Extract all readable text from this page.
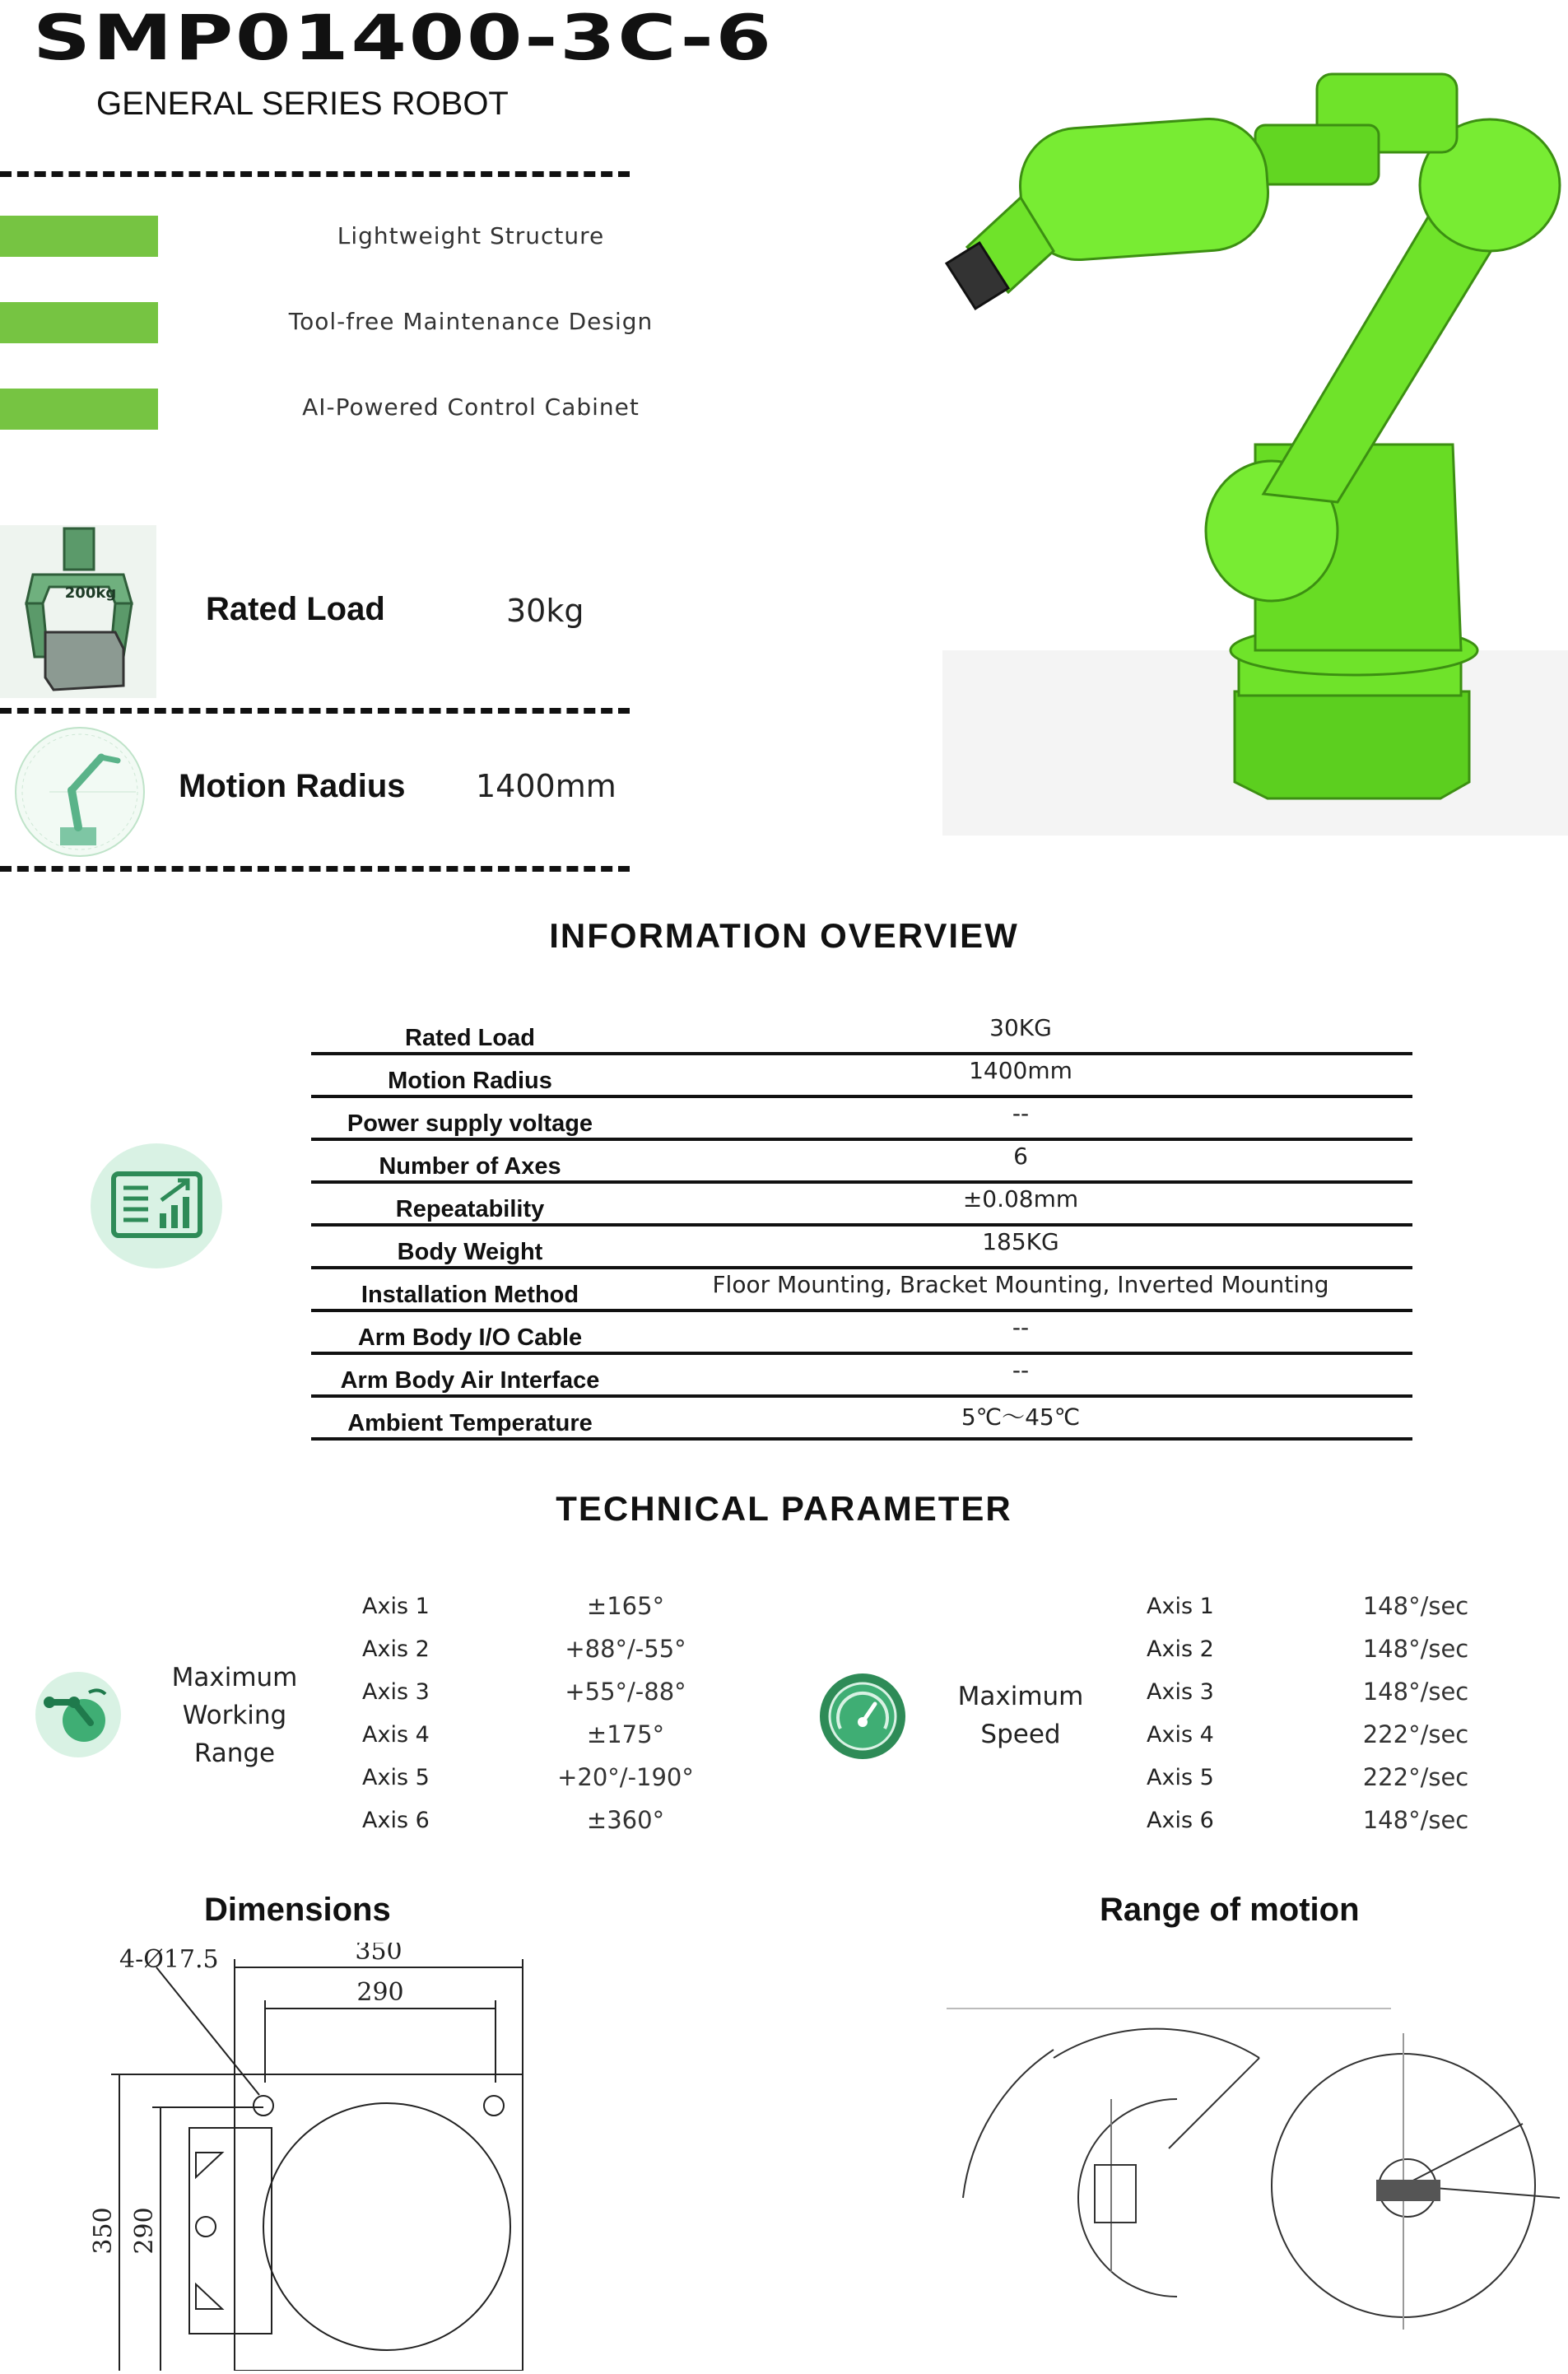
SMP01400-3C-6
GENERAL SERIES ROBOT
Lightweight Structure
Tool-free Maintenance Design
AI-Powered Control Cabinet
200kg	Rated Load	30kg
Motion Radius 1400mm
INFORMATION OVERVIEW
Rated Load	30KG
Motion Radius	1400mm
Power supply voltage	--
Number of Axes	6
Repeatability	±0.08mm
Body Weight	185KG
Installation Method	Floor Mounting, Bracket Mounting, Inverted Mounting
Arm Body I/O Cable	--
Arm Body Air Interface	--
Ambient Temperature	5℃～45℃
TECHNICAL PARAMETER
Maximum
Working
Range
Axis 1	±165°
Axis 2	+88°/-55°
Axis 3	+55°/-88°
Axis 4	±175°
Axis 5	+20°/-190°
Axis 6	±360°
Maximum
Speed
Axis 1	148°/sec
Axis 2	148°/sec
Axis 3	148°/sec
Axis 4	222°/sec
Axis 5	222°/sec
Axis 6	148°/sec
Dimensions	Range of motion
350
290
4-Ø17.5
350 290
